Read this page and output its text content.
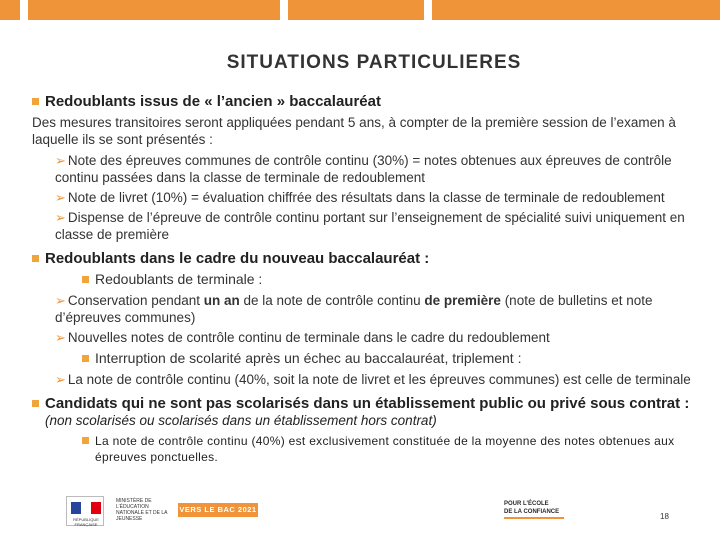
SITUATIONS PARTICULIERES
Redoublants issus de « l’ancien » baccalauréat
Des mesures transitoires seront appliquées pendant 5 ans, à compter de la première session de l’examen à laquelle ils se sont présentés :
➢ Note des épreuves communes de contrôle continu (30%) = notes obtenues aux épreuves de contrôle continu passées dans la classe de terminale de redoublement
➢ Note de livret (10%) = évaluation chiffrée des résultats dans la classe de terminale de redoublement
➢ Dispense de l’épreuve de contrôle continu portant sur l’enseignement de spécialité suivi uniquement en classe de première
Redoublants dans le cadre du nouveau baccalauréat :
Redoublants de terminale :
➢ Conservation pendant un an de la note de contrôle continu de première (note de bulletins et note d’épreuves communes)
➢ Nouvelles notes de contrôle continu de terminale dans le cadre du redoublement
Interruption de scolarité après un échec au baccalauréat, triplement :
➢ La note de contrôle continu (40%, soit la note de livret et les épreuves communes) est celle de terminale
Candidats qui ne sont pas scolarisés dans un établissement public ou privé sous contrat : (non scolarisés ou scolarisés dans un établissement hors contrat)
La note de contrôle continu (40%) est exclusivement constituée de la moyenne des notes obtenues aux épreuves ponctuelles.
RÉPUBLIQUE FRANÇAISE
MINISTÈRE DE L’ÉDUCATION NATIONALE ET DE LA JEUNESSE
VERS LE BAC 2021
POUR L’ÉCOLE
DE LA CONFIANCE	18
